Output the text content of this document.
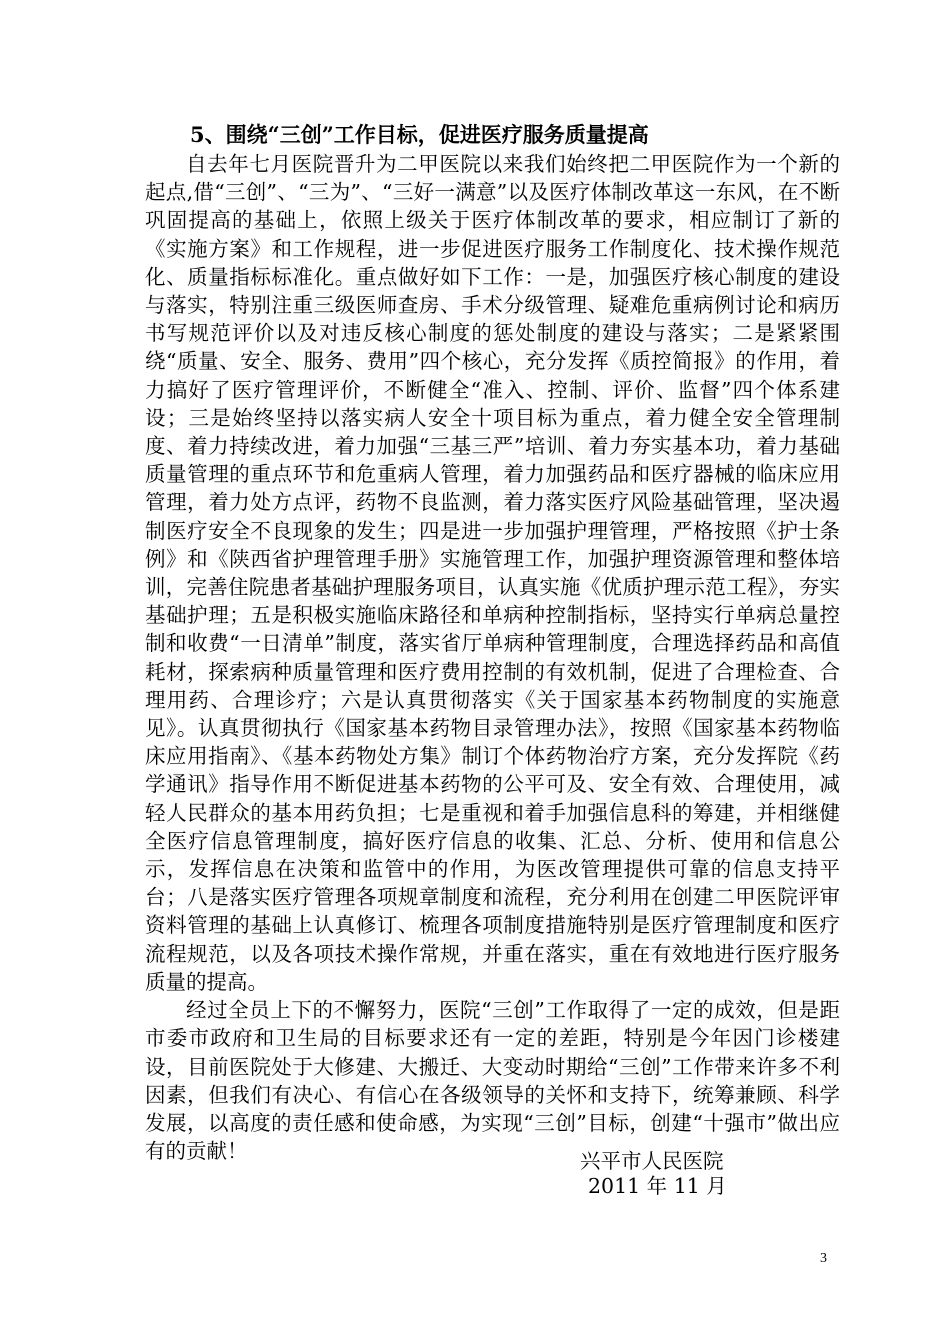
5、围绕“三创”工作目标，促进医疗服务质量提高

自去年七月医院晋升为二甲医院以来我们始终把二甲医院作为一个新的起点,借“三创”、“三为”、“三好一满意”以及医疗体制改革这一东风，在不断巩固提高的基础上，依照上级关于医疗体制改革的要求，相应制订了新的《实施方案》和工作规程，进一步促进医疗服务工作制度化、技术操作规范化、质量指标标准化。重点做好如下工作：一是，加强医疗核心制度的建设与落实，特别注重三级医师查房、手术分级管理、疑难危重病例讨论和病历书写规范评价以及对违反核心制度的惩处制度的建设与落实；二是紧紧围绕“质量、安全、服务、费用”四个核心，充分发挥《质控简报》的作用，着力搞好了医疗管理评价，不断健全“准入、控制、评价、监督”四个体系建设；三是始终坚持以落实病人安全十项目标为重点，着力健全安全管理制度、着力持续改进，着力加强“三基三严”培训、着力夯实基本功，着力基础质量管理的重点环节和危重病人管理，着力加强药品和医疗器械的临床应用管理，着力处方点评，药物不良监测，着力落实医疗风险基础管理，坚决遏制医疗安全不良现象的发生；四是进一步加强护理管理，严格按照《护士条例》和《陕西省护理管理手册》实施管理工作，加强护理资源管理和整体培训，完善住院患者基础护理服务项目，认真实施《优质护理示范工程》，夯实基础护理；五是积极实施临床路径和单病种控制指标，坚持实行单病总量控制和收费“一日清单”制度，落实省厅单病种管理制度，合理选择药品和高值耗材，探索病种质量管理和医疗费用控制的有效机制，促进了合理检查、合理用药、合理诊疗；六是认真贯彻落实《关于国家基本药物制度的实施意见》。认真贯彻执行《国家基本药物目录管理办法》，按照《国家基本药物临床应用指南》、《基本药物处方集》制订个体药物治疗方案，充分发挥院《药学通讯》指导作用不断促进基本药物的公平可及、安全有效、合理使用，减轻人民群众的基本用药负担；七是重视和着手加强信息科的筹建，并相继健全医疗信息管理制度，搞好医疗信息的收集、汇总、分析、使用和信息公示，发挥信息在决策和监管中的作用，为医改管理提供可靠的信息支持平台；八是落实医疗管理各项规章制度和流程，充分利用在创建二甲医院评审资料管理的基础上认真修订、梳理各项制度措施特别是医疗管理制度和医疗流程规范，以及各项技术操作常规，并重在落实，重在有效地进行医疗服务质量的提高。

经过全员上下的不懈努力，医院“三创”工作取得了一定的成效，但是距市委市政府和卫生局的目标要求还有一定的差距，特别是今年因门诊楼建设，目前医院处于大修建、大搬迁、大变动时期给“三创”工作带来许多不利因素，但我们有决心、有信心在各级领导的关怀和支持下，统筹兼顾、科学发展，以高度的责任感和使命感，为实现“三创”目标，创建“十强市”做出应有的贡献！	兴平市人民医院
2011 年 11 月
3
